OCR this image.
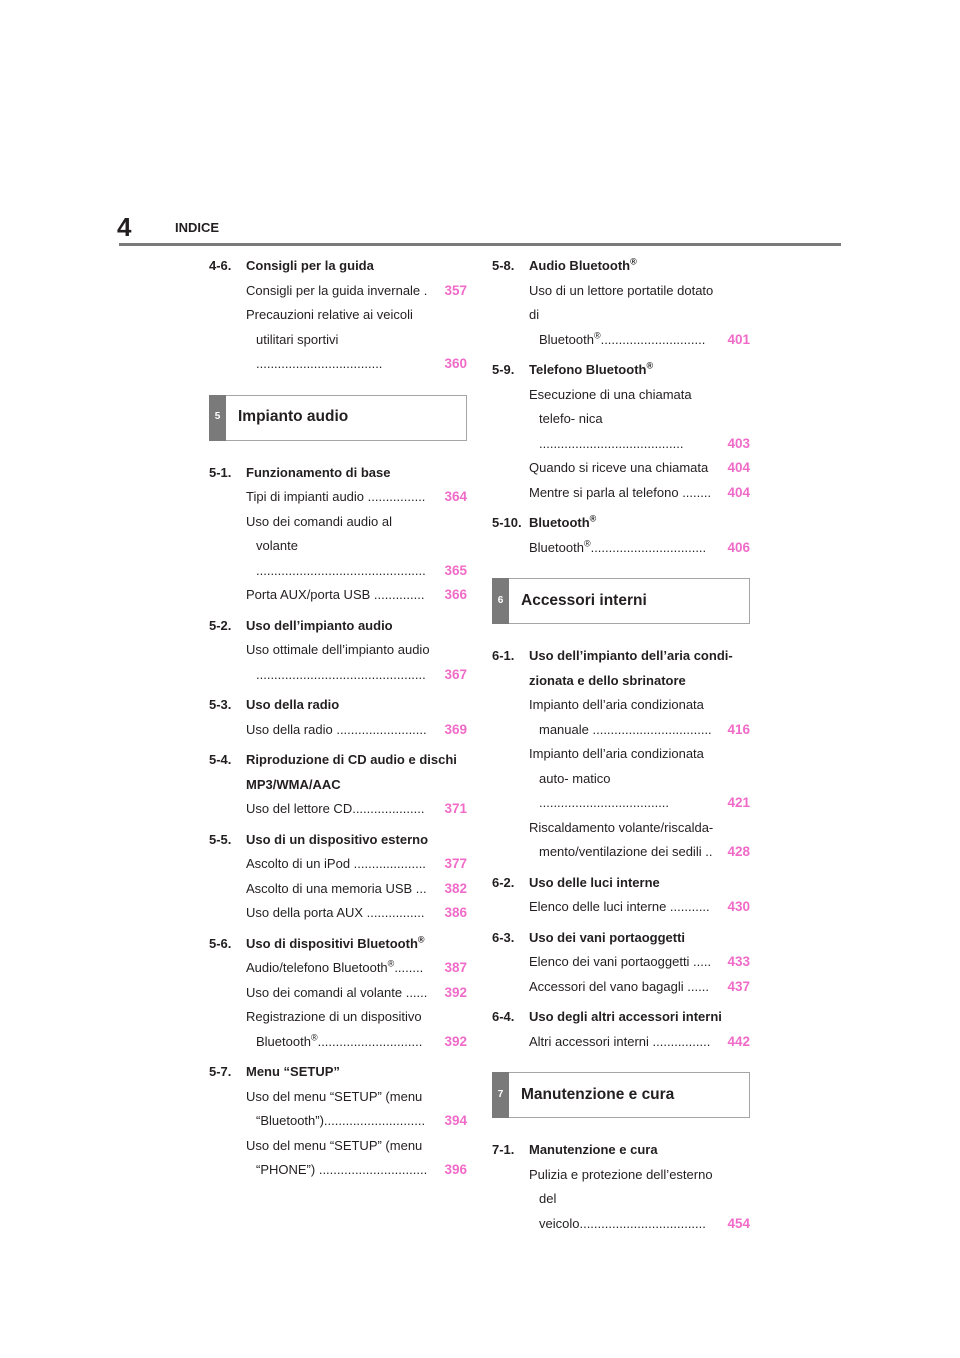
4	INDICE
4-6.	Consigli per la guida
Consigli per la guida invernale . 357
Precauzioni relative ai veicoli utilitari sportivi ...................................	360
5	Impianto audio
5-1.	Funzionamento di base
Tipi di impianti audio ................	364
Uso dei comandi audio al volante ...............................................	365
Porta AUX/porta USB ..............	366
5-2.	Uso dell’impianto audio
Uso ottimale dell’impianto audio ...............................................	367
5-3.	Uso della radio
Uso della radio .........................	369
5-4.	Riproduzione di CD audio e dischi MP3/WMA/AAC
Uso del lettore CD....................	371
5-5.	Uso di un dispositivo esterno
Ascolto di un iPod ....................	377
Ascolto di una memoria USB ...	382
Uso della porta AUX ................	386
5-6.	Uso di dispositivi Bluetooth®
Audio/telefono Bluetooth®........	387
Uso dei comandi al volante ...... 392
Registrazione di un dispositivo
Bluetooth®.............................	392
5-7.	Menu “SETUP”
Uso del menu “SETUP” (menu “Bluetooth”)............................	394
Uso del menu “SETUP” (menu “PHONE”) .............................. 396
5-8.	Audio Bluetooth®
Uso di un lettore portatile dotato di
Bluetooth®.............................	401
5-9.	Telefono Bluetooth®
Esecuzione di una chiamata telefo- nica ........................................	403
Quando si riceve una chiamata	404
Mentre si parla al telefono ........ 404
5-10. Bluetooth®
Bluetooth®................................	406
6	Accessori interni
6-1.	Uso dell’impianto dell’aria condi- zionata e dello sbrinatore
Impianto dell’aria condizionata manuale ................................. 416
Impianto dell’aria condizionata auto- matico ....................................	421
Riscaldamento volante/riscalda- mento/ventilazione dei sedili .. 428
6-2.	Uso delle luci interne
Elenco delle luci interne ...........	430
6-3.	Uso dei vani portaoggetti
Elenco dei vani portaoggetti ..... 433
Accessori del vano bagagli ......	437
6-4.	Uso degli altri accessori interni
Altri accessori interni ................ 442
7	Manutenzione e cura
7-1.	Manutenzione e cura
Pulizia e protezione dell’esterno del veicolo...................................	454
